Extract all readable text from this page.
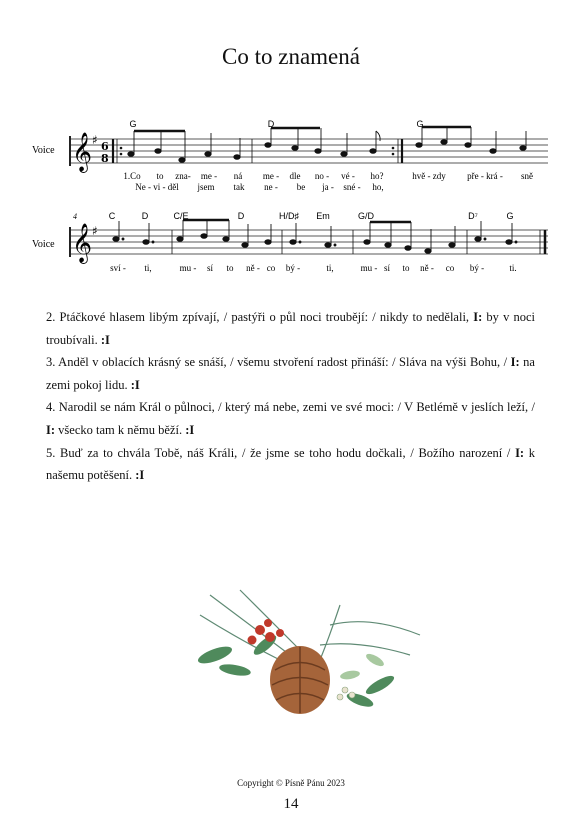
Co to znamená
Voice 𝄞 ♯ 6
8
G	D	G
1.Co to zna- me - ná me - dle no - vé - ho?	hvě - zdy pře - krá - sně
Ne - vi - děl jsem tak ne - be ja - sné - ho,
4
Voice 𝄞 ♯
C	D	C/E	D	H/D♯ Em	G/D	D⁷	G
sví - ti,	mu - sí to ně - co bý -	ti,	mu - sí to ně - co bý -	ti.

2. Ptáčkové hlasem libým zpívají, / pastýři o půl noci troubějí: / nikdy to nedělali, I: by v noci troubívali. :I

3. Anděl v oblacích krásný se snáší, / všemu stvoření radost přináší: / Sláva na výši Bohu, / I: na zemi pokoj lidu. :I

4. Narodil se nám Král o půlnoci, / který má nebe, zemi ve své moci: / V Betlémě v jeslích leží, / I: všecko tam k němu běží. :I

5. Buď za to chvála Tobě, náš Králi, / že jsme se toho hodu dočkali, / Božího narození / I: k našemu potěšení. :I

Copyright © Písně Pánu 2023
14
